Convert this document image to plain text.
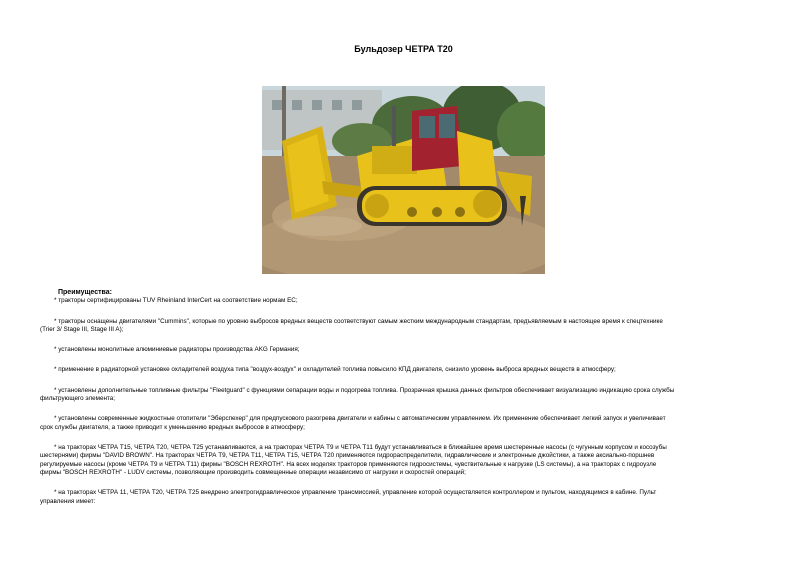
Бульдозер ЧЕТРА Т20
Преимущества:
* тракторы сертифицированы TUV Rheinland InterCert на соответствие нормам ЕС;
* тракторы оснащены двигателями "Cummins", которые по уровню выбросов вредных веществ соответствуют самым жестким международным стандартам, предъявляемым в настоящее время к спецтехнике
(Trier 3/ Stage III, Stage III A);
* установлены монолитные алюминиевые радиаторы производства AKG Германия;
* применение в радиаторной установке охладителей воздуха типа "воздух-воздух" и охладителей топлива повысило КПД двигателя, снизило уровень выброса вредных веществ в атмосферу;
* установлены дополнительные топливные фильтры "Fleetguard" с функциями сепарации воды и подогрева топлива. Прозрачная крышка данных фильтров обеспечивает визуализацию индикацию срока службы
фильтрующего элемента;
* установлены современные жидкостные отопители "Эберспехер" для предпускового разогрева двигатели и кабины с автоматическим управлением. Их применение обеспечивает легкий запуск и увеличивает
срок службы двигателя, а также приводит к уменьшению вредных выбросов в атмосферу;
* на тракторах ЧЕТРА Т15, ЧЕТРА Т20, ЧЕТРА Т25 устанавливаются, а на тракторах ЧЕТРА Т9 и ЧЕТРА Т11 будут устанавливаться в ближайшее время шестеренные насосы (с чугунным корпусом и косозубы
шестернями) фирмы "DAVID BROWN". На тракторах ЧЕТРА Т9, ЧЕТРА Т11, ЧЕТРА Т15, ЧЕТРА Т20 применяются гидрораспределители, гидравлические и электронные джойстики, а также аксиально-поршнев
регулируемые насосы (кроме ЧЕТРА Т9 и ЧЕТРА Т11) фирмы "BOSCH REXROTH". На всех моделях тракторов применяются гидросистемы, чувствительные к нагрузке (LS системы), а на тракторах с гидроузле
фирмы "BOSCH REXROTH" - LUDV системы, позволяющие производить совмещенные операции независимо от нагрузки и скоростей операций;
* на тракторах ЧЕТРА 11, ЧЕТРА Т20, ЧЕТРА Т25 внедрено электрогидравлическое управление трансмиссией, управление которой осуществляется контроллером и пультом, находящимся в кабине. Пульт
управления имеет:
